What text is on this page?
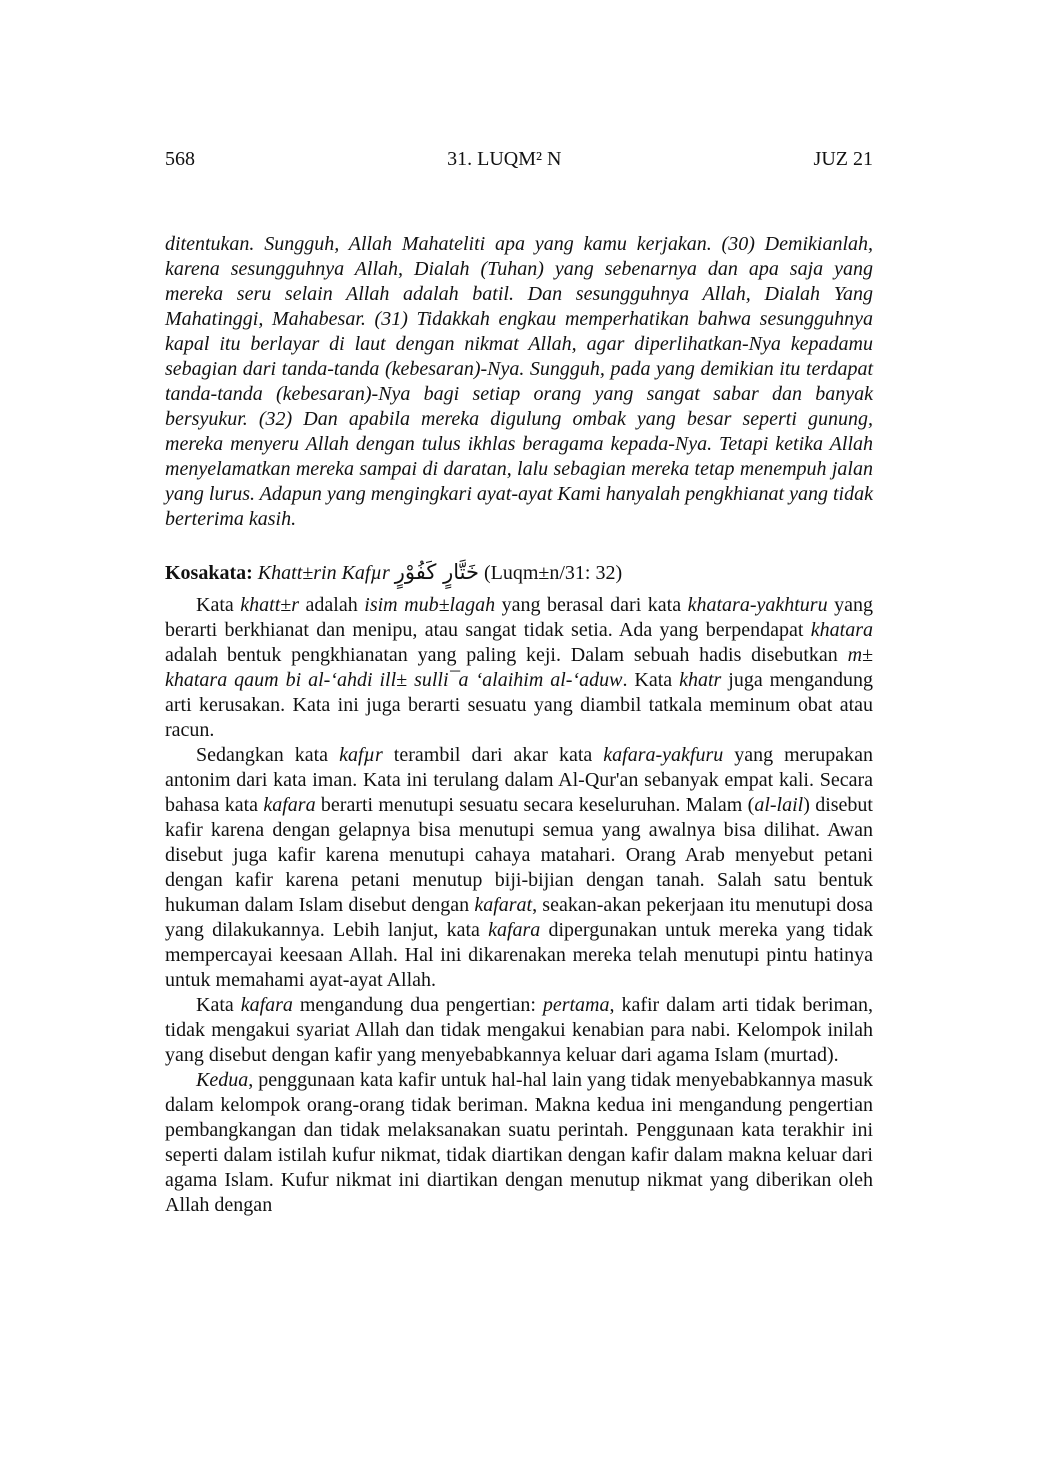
568	31. LUQM² N	JUZ 21

ditentukan. Sungguh, Allah Mahateliti apa yang kamu kerjakan. (30) Demikianlah, karena sesungguhnya Allah, Dialah (Tuhan) yang sebenarnya dan apa saja yang mereka seru selain Allah adalah batil. Dan sesungguhnya Allah, Dialah Yang Mahatinggi, Mahabesar. (31) Tidakkah engkau memperhatikan bahwa sesungguhnya kapal itu berlayar di laut dengan nikmat Allah, agar diperlihatkan-Nya kepadamu sebagian dari tanda-tanda (kebesaran)-Nya. Sungguh, pada yang demikian itu terdapat tanda-tanda (kebesaran)-Nya bagi setiap orang yang sangat sabar dan banyak bersyukur. (32) Dan apabila mereka digulung ombak yang besar seperti gunung, mereka menyeru Allah dengan tulus ikhlas beragama kepada-Nya. Tetapi ketika Allah menyelamatkan mereka sampai di daratan, lalu sebagian mereka tetap menempuh jalan yang lurus. Adapun yang mengingkari ayat-ayat Kami hanyalah pengkhianat yang tidak berterima kasih.

Kosakata: Khatt±rin Kafµr خَتَّارٍ كَفُوْرٍ (Luqm±n/31: 32)

Kata khatt±r adalah isim mub±lagah yang berasal dari kata khatara-yakhturu yang berarti berkhianat dan menipu, atau sangat tidak setia. Ada yang berpendapat khatara adalah bentuk pengkhianatan yang paling keji. Dalam sebuah hadis disebutkan m± khatara qaum bi al-‘ahdi ill± sulli¯a ‘alaihim al-‘aduw. Kata khatr juga mengandung arti kerusakan. Kata ini juga berarti sesuatu yang diambil tatkala meminum obat atau racun.

Sedangkan kata kafµr terambil dari akar kata kafara-yakfuru yang merupakan antonim dari kata iman. Kata ini terulang dalam Al-Qur'an sebanyak empat kali. Secara bahasa kata kafara berarti menutupi sesuatu secara keseluruhan. Malam (al-lail) disebut kafir karena dengan gelapnya bisa menutupi semua yang awalnya bisa dilihat. Awan disebut juga kafir karena menutupi cahaya matahari. Orang Arab menyebut petani dengan kafir karena petani menutup biji-bijian dengan tanah. Salah satu bentuk hukuman dalam Islam disebut dengan kafarat, seakan-akan pekerjaan itu menutupi dosa yang dilakukannya. Lebih lanjut, kata kafara dipergunakan untuk mereka yang tidak mempercayai keesaan Allah. Hal ini dikarenakan mereka telah menutupi pintu hatinya untuk memahami ayat-ayat Allah.

Kata kafara mengandung dua pengertian: pertama, kafir dalam arti tidak beriman, tidak mengakui syariat Allah dan tidak mengakui kenabian para nabi. Kelompok inilah yang disebut dengan kafir yang menyebabkannya keluar dari agama Islam (murtad).

Kedua, penggunaan kata kafir untuk hal-hal lain yang tidak menyebabkannya masuk dalam kelompok orang-orang tidak beriman. Makna kedua ini mengandung pengertian pembangkangan dan tidak melaksanakan suatu perintah. Penggunaan kata terakhir ini seperti dalam istilah kufur nikmat, tidak diartikan dengan kafir dalam makna keluar dari agama Islam. Kufur nikmat ini diartikan dengan menutup nikmat yang diberikan oleh Allah dengan
